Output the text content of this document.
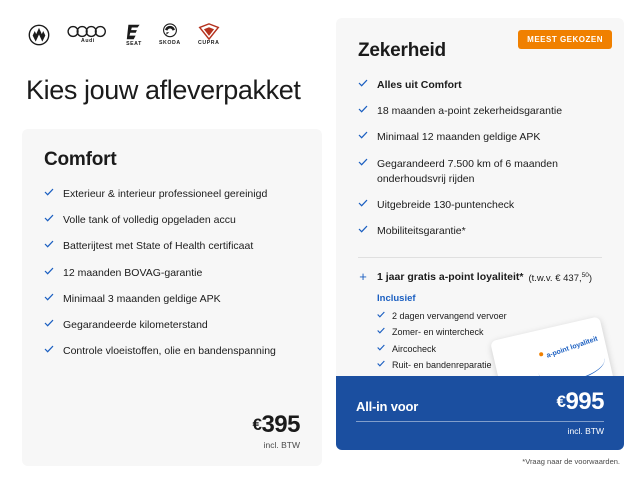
Audi	SEAT	SKODA	CUPRA
Kies jouw afleverpakket
Comfort
Exterieur & interieur professioneel gereinigd
Volle tank of volledig opgeladen accu
Batterijtest met State of Health certificaat
12 maanden BOVAG-garantie
Minimaal 3 maanden geldige APK
Gegarandeerde kilometerstand
Controle vloeistoffen, olie en bandenspanning
€395
incl. BTW
MEEST GEKOZEN
Zekerheid
Alles uit Comfort
18 maanden a-point zekerheidsgarantie
Minimaal 12 maanden geldige APK
Gegarandeerd 7.500 km of 6 maanden onderhoudsvrij rijden
Uitgebreide 130-puntencheck
Mobiliteitsgarantie*
+ 1 jaar gratis a-point loyaliteit* (t.w.v. € 437,50)
Inclusief
2 dagen vervangend vervoer
Zomer- en wintercheck
Aircocheck
Ruit- en bandenreparatie
a-point loyaliteit
All-in voor	€995
incl. BTW
*Vraag naar de voorwaarden.
